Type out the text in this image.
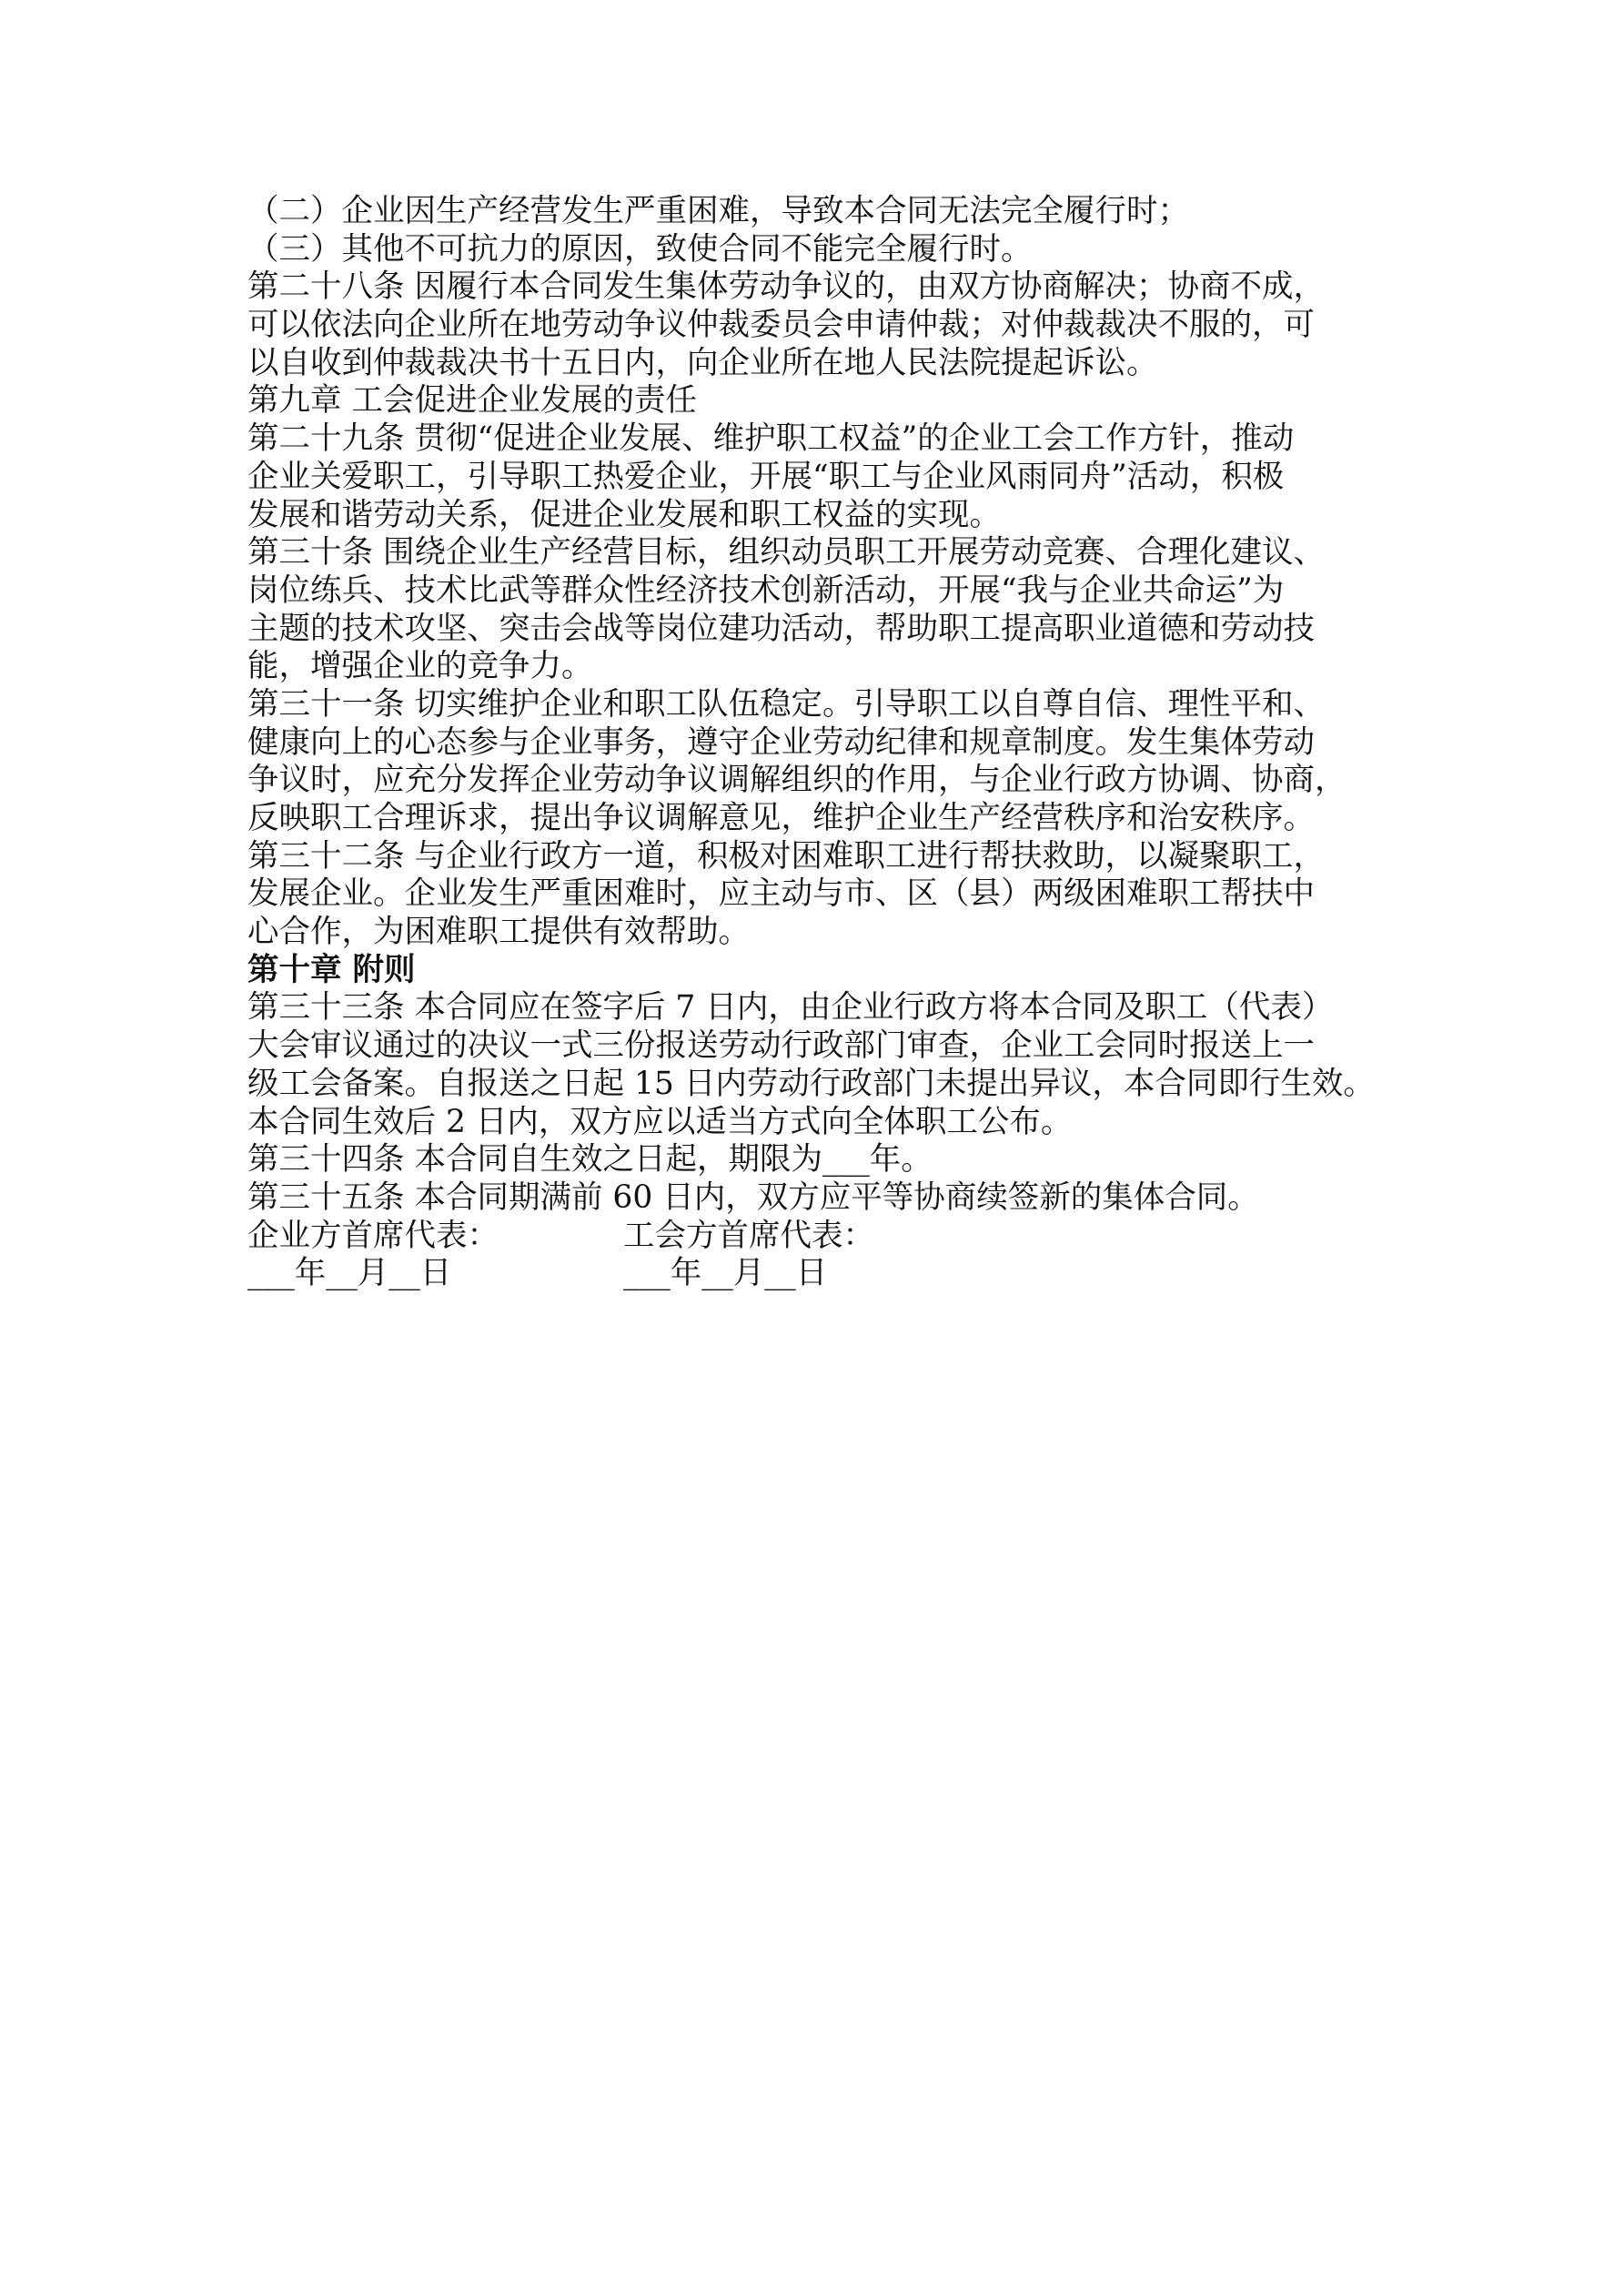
（二）企业因生产经营发生严重困难，导致本合同无法完全履行时；
（三）其他不可抗力的原因，致使合同不能完全履行时。
第二十八条 因履行本合同发生集体劳动争议的，由双方协商解决；协商不成，
可以依法向企业所在地劳动争议仲裁委员会申请仲裁；对仲裁裁决不服的，可
以自收到仲裁裁决书十五日内，向企业所在地人民法院提起诉讼。
第九章 工会促进企业发展的责任
第二十九条 贯彻“促进企业发展、维护职工权益”的企业工会工作方针，推动
企业关爱职工，引导职工热爱企业，开展“职工与企业风雨同舟”活动，积极
发展和谐劳动关系，促进企业发展和职工权益的实现。
第三十条 围绕企业生产经营目标，组织动员职工开展劳动竞赛、合理化建议、
岗位练兵、技术比武等群众性经济技术创新活动，开展“我与企业共命运”为
主题的技术攻坚、突击会战等岗位建功活动，帮助职工提高职业道德和劳动技
能，增强企业的竞争力。
第三十一条 切实维护企业和职工队伍稳定。引导职工以自尊自信、理性平和、
健康向上的心态参与企业事务，遵守企业劳动纪律和规章制度。发生集体劳动
争议时，应充分发挥企业劳动争议调解组织的作用，与企业行政方协调、协商，
反映职工合理诉求，提出争议调解意见，维护企业生产经营秩序和治安秩序。
第三十二条 与企业行政方一道，积极对困难职工进行帮扶救助，以凝聚职工，
发展企业。企业发生严重困难时，应主动与市、区（县）两级困难职工帮扶中
心合作，为困难职工提供有效帮助。
第十章 附则
第三十三条 本合同应在签字后 7 日内，由企业行政方将本合同及职工（代表）
大会审议通过的决议一式三份报送劳动行政部门审查，企业工会同时报送上一
级工会备案。自报送之日起 15 日内劳动行政部门未提出异议，本合同即行生效。
本合同生效后 2 日内，双方应以适当方式向全体职工公布。
第三十四条 本合同自生效之日起，期限为___年。
第三十五条 本合同期满前 60 日内，双方应平等协商续签新的集体合同。
企业方首席代表：	工会方首席代表：
___年__月__日	___年__月__日
